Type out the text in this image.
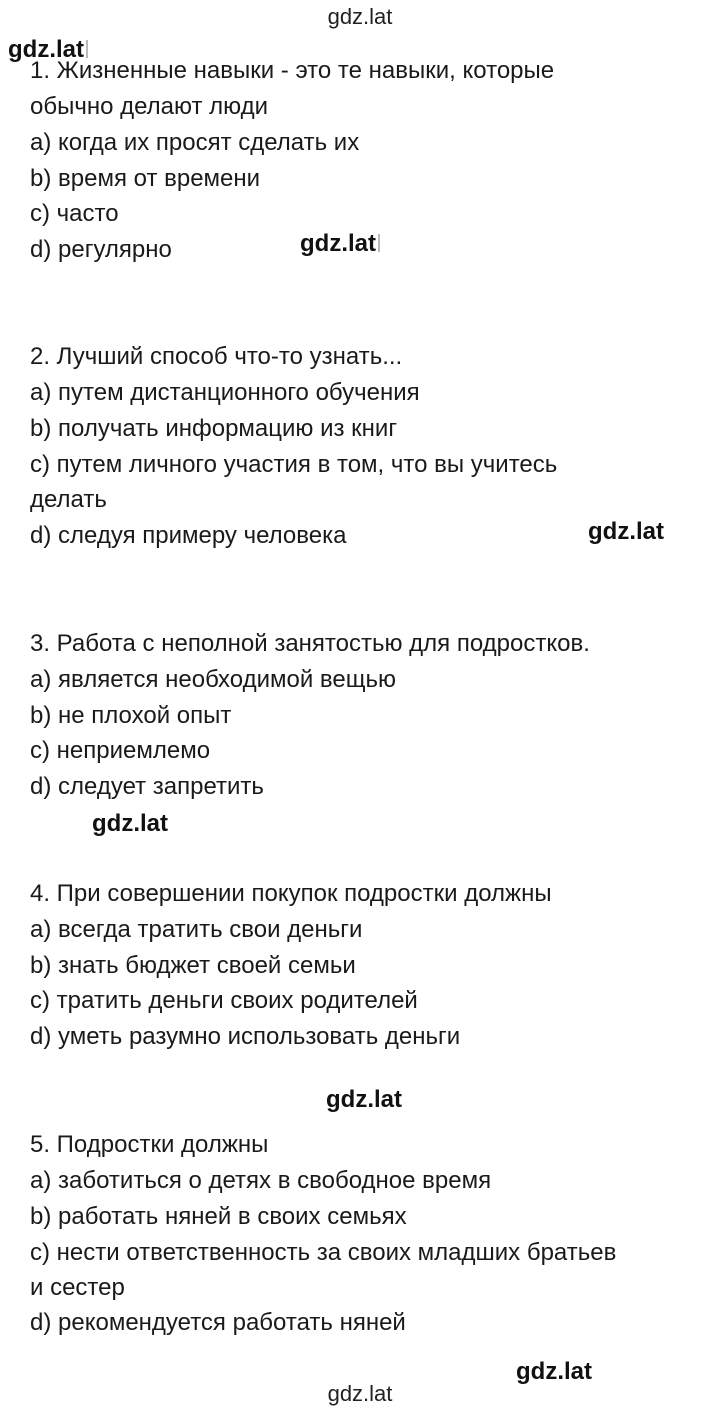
gdz.lat
gdz.lat
gdz.lat
gdz.lat
gdz.lat
gdz.lat
gdz.lat
1. Жизненные навыки - это те навыки, которые
обычно делают люди
a) когда их просят сделать их
b) время от времени
c) часто
d) регулярно
2. Лучший способ что-то узнать...
a) путем дистанционного обучения
b) получать информацию из книг
c) путем личного участия в том, что вы учитесь
делать
d) следуя примеру человека
3. Работа с неполной занятостью для подростков.
a) является необходимой вещью
b) не плохой опыт
c) неприемлемо
d) следует запретить
4. При совершении покупок подростки должны
a) всегда тратить свои деньги
b) знать бюджет своей семьи
c) тратить деньги своих родителей
d) уметь разумно использовать деньги
5. Подростки должны
a) заботиться о детях в свободное время
b) работать няней в своих семьях
c) нести ответственность за своих младших братьев
и сестер
d) рекомендуется работать няней
gdz.lat
